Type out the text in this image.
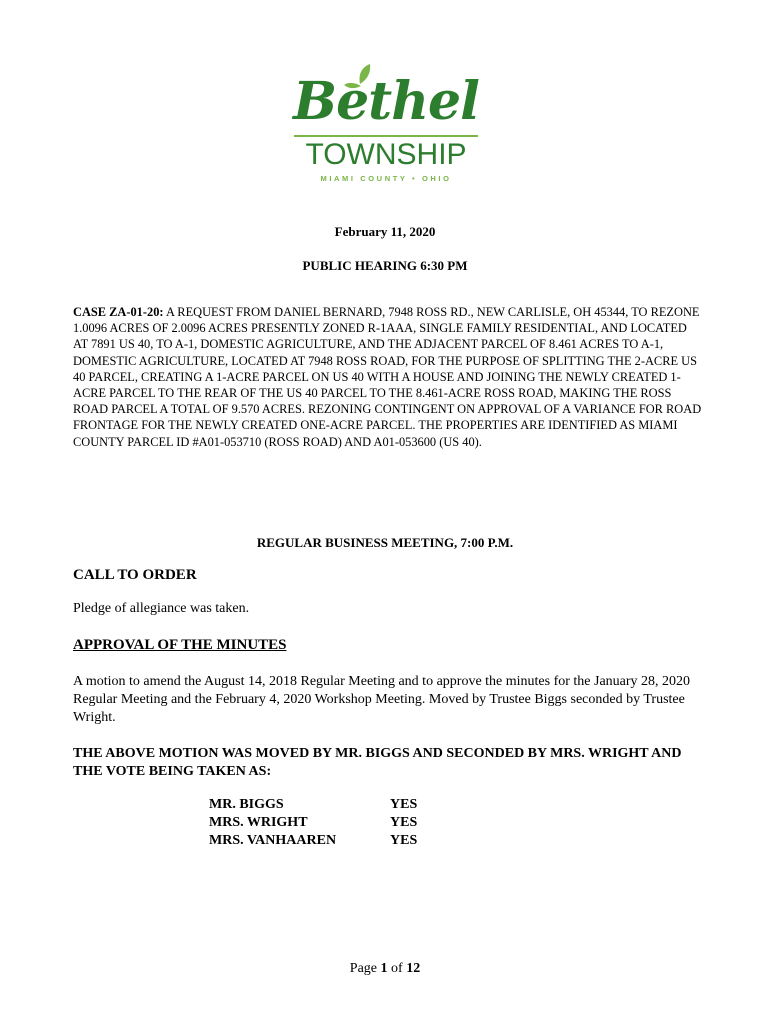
Bethel
TOWNSHIP
MIAMI COUNTY • OHIO
February 11, 2020
PUBLIC HEARING 6:30 PM
CASE ZA-01-20: A REQUEST FROM DANIEL BERNARD, 7948 ROSS RD., NEW CARLISLE, OH 45344, TO REZONE 1.0096 ACRES OF 2.0096 ACRES PRESENTLY ZONED R-1AAA, SINGLE FAMILY RESIDENTIAL, AND LOCATED AT 7891 US 40, TO A-1, DOMESTIC AGRICULTURE, AND THE ADJACENT PARCEL OF 8.461 ACRES TO A-1, DOMESTIC AGRICULTURE, LOCATED AT 7948 ROSS ROAD, FOR THE PURPOSE OF SPLITTING THE 2-ACRE US 40 PARCEL, CREATING A 1-ACRE PARCEL ON US 40 WITH A HOUSE AND JOINING THE NEWLY CREATED 1-ACRE PARCEL TO THE REAR OF THE US 40 PARCEL TO THE 8.461-ACRE ROSS ROAD, MAKING THE ROSS ROAD PARCEL A TOTAL OF 9.570 ACRES. REZONING CONTINGENT ON APPROVAL OF A VARIANCE FOR ROAD FRONTAGE FOR THE NEWLY CREATED ONE-ACRE PARCEL. THE PROPERTIES ARE IDENTIFIED AS MIAMI COUNTY PARCEL ID #A01-053710 (ROSS ROAD) AND A01-053600 (US 40).
REGULAR BUSINESS MEETING, 7:00 P.M.
CALL TO ORDER
Pledge of allegiance was taken.
APPROVAL OF THE MINUTES
A motion to amend the August 14, 2018 Regular Meeting and to approve the minutes for the January 28, 2020 Regular Meeting and the February 4, 2020 Workshop Meeting. Moved by Trustee Biggs seconded by Trustee Wright.
THE ABOVE MOTION WAS MOVED BY MR. BIGGS AND SECONDED BY MRS. WRIGHT AND THE VOTE BEING TAKEN AS:
MR. BIGGS	YES
MRS. WRIGHT	YES
MRS. VANHAAREN	YES
Page 1 of 12
